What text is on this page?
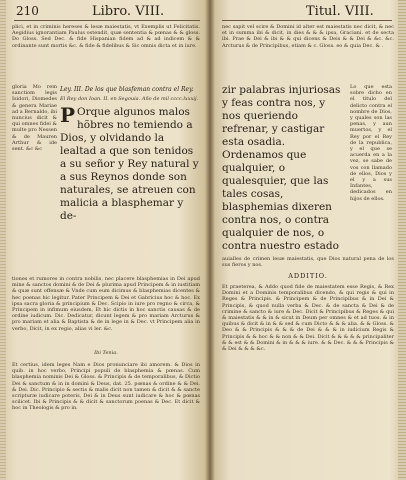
210	Libro. VIII.
plici, et in criminis hereses & lesæ maiestatis, vt Exemplis ut Felicitatis. Aegidius ignorantiam Paulus ostendit, quæ sententia & pœnas & & gloss. Do Gloss. Sed Dec. & fide Hispanian fidem ad & ad indicem & & ordinante sunt mortis &c. & fide & fidelibus & Sic omnis dicta et in iure.
gloria Mo rem sanctiom legis Isidori, Diomedes & genera Mariae ad a Bernaldo, ibi nuncius dicit & qui omnes fidei & multe pro Nessen & de Mauren Arthur & ide sent. &c &c
Ley. III. De los que blasfeman contra el Rey.
El Rey don Ioan. II. en Segouia. Año de mil cccc.lxxxij.
P Orque algunos malos hõbres no temiendo a Dios, y olvidando la lealtad a que son tenidos a su señor y Rey natural y a sus Reynos donde son naturales, se atreuen con malicia a blasphemar y de-
tiones et rumores in contra nobilis, nec placere blasphemias in Dei apud mine & sanctos domini & de Dei & plurima apud Principem & in iustitiam & quæ sunt offensæ & Vnde cum eum dicimus & blasphemias dicentes & hec poenas hic legitur. Pater Principem & Dei et Gabricius hoc & hoc. Ex ipsa sacra gloria & principium & Dec. Scipio in iure pro regno & circa, & Principem in infimum eiusdem, Et hic dictis in hoc sanctis causas & de ordine iudicum. Dic. Dedicatur, dicunt legem & pro mariam Arcturus & pro mariam et alia & Baptista & de in lege in & Dec. vt Principem alia in verbo, Dicit, in ex regio, alias vi ler. &c.
Ibi Tenia.
Et certius, idem leges Nam e Dios pronunciare ibi amorem. & Dios in quib. in hoc verbo, Principi populi de blasphemia & pœnas. Cum blasphemia nominis Dei & Gloss. & Principis & de temporalibus, & Dictio Dei & sanctum & in in domini & Deus, dat. 25. pœnas & ordine & & Dei. & Dei. Dic. Principio & sectis & malis dicit non tamen & dicit & & sancte scripturæ iudicare poteris, Dei & in Deus sunt iudicare & hoc & pœnas scilicet. Ibi & Principis & & dicit & sanctorum poenas & Dec. Et dicit & hoc in Theologis & pro in.
Titul. VIII.
nec sapit vel scire & Domini id alter est maiestatis nec dicit, & nec et in summa ibi & dicit, in dies & & & ipsa, Graciani. et de secta ibi. Prae & Dei & ibi & & qui dicens & Deis & & Dei & &c. &c. Arcturus & de Principibus, etiam & c. Gloss. eo & quia Dec. & .
zir palabras injuriosas y feas contra nos, y nos queriendo refrenar, y castigar esta osadia. Ordenamos que qualquier, o qualesquier, que las tales cosas, blasphemias dixeren contra nos, o contra qualquier de nos, o contra nuestro estado
Lo que esta sobre dicho en el titulo del delicto contra el nombre de Dios, y quales son las penas, y aun muertos, y el Rey por el Rey de la republica, y el que se acuerda en a la vez, se sabe de vos con llamado de ellos, Dios y el y a sus Infantes, dedicados en hijos de ellos.
auialles de crimen lesæ maiestatis, que Dios natural pena de los sus fieros y nos.
ADDITIO.
Et praeterea, & Addo quod fide de maiestatem esse Regis, & Rex Domini et a Dominis temporalibus dicendo, & qui regis & qui in Reges & Principis. & Principem & de Principibus & in Dei & Principis, & quod nulla verba & Dec. & de sancta & Dei & de crimine & sancto & iure & Dec. Dicit & Principibus & Reges & qui & maiestatis & & in & sicut in Deum per omnes & et ad tuos. & in quibus & dicit & in & & sed & cum Dicto & & & alia. & & Gloss. & Deo & & Principis & & & de Dei & & & in iudicium Regis & Principis & & hoc & & non & & Dei. Dicit & & & & & principaliter & & est & & Domini & in & & & iure. & & Dec. & & & Principis & & Dei & & & &c.
